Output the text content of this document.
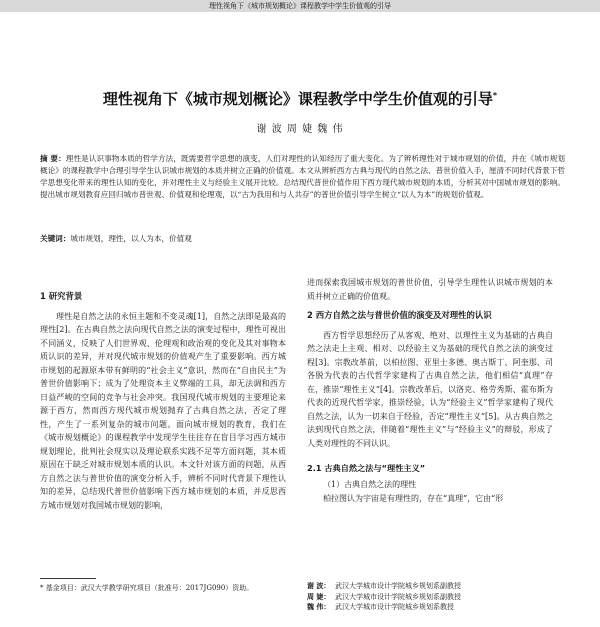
理性视角下《城市规划概论》课程教学中学生价值观的引导
理性视角下《城市规划概论》课程教学中学生价值观的引导*
谢 波 周 婕 魏 伟
摘 要：理性是认识事物本质的哲学方法，既需要哲学思想的演变，人们对理性的认知经历了重大变化。为了辨析理性对于城市规划的价值，并在《城市规划概论》的课程教学中合理引导学生认识城市规划的本质并树立正确的价值观。本文从辨析西方古典与现代的自然之法、普世价值入手，厘清不同时代背景下哲学思想变化带来的理性认知的变化，并对理性主义与经验主义展开比较。总结现代普世价值作用下西方现代城市规划的本质，分析其对中国城市规划的影响。提出城市规划教育应回归城市普世观、价值观和伦理观，以“古为我用和与人共存”的普世价值引导学生树立“以人为本”的规划价值观。
关键词：城市规划，理性，以人为本，价值观
1 研究背景

理性是自然之法的永恒主题和不变灵魂[1]，自然之法即是最高的理性[2]。在古典自然之法向现代自然之法的演变过程中，理性可视出不同涵义，反映了人们世界观、伦理观和政治观的变化及其对事物本质认识的差异，并对现代城市规划的价值观产生了重要影响。西方城市规划的起源原本带有鲜明的“社会主义”意识，然而在“自由民主”为普世价值影响下；成为了处理资本主义弊端的工具，却无法调和西方日益严峻的空间的竞争与社会冲突。我国现代城市规划的主要理论来源于西方，然而西方现代城市规划抛弃了古典自然之法，否定了理性，产生了一系列复杂的城市问题。面向城市规划的教育，我们在《城市规划概论》的课程教学中发现学生往往存在盲目学习西方城市规划理论，批判社会现实以及理论联系实践不足等方面问题，其本质原因在于缺乏对城市规划本质的认识。本文针对该方面的问题，从西方自然之法与普世价值的演变分析入手，辨析不同时代背景下理性认知的差异，总结现代普世价值影响下西方城市规划的本质，并反思西方城市规划对我国城市规划的影响，

进而探索我国城市规划的普世价值，引导学生理性认识城市规划的本质并树立正确的价值观。

2 西方自然之法与普世价值的演变及对理性的认识

西方哲学思想经历了从客观、绝对、以理性主义为基础的古典自然之法走上主观、相对、以经验主义为基础的现代自然之法的演变过程[3]。宗教改革前，以柏拉图、亚里士多德、奥古斯丁、阿奎那、司各脱为代表的古代哲学家建构了古典自然之法，他们相信“真理”存在，推崇“理性主义”[4]。宗教改革后，以洛克、格劳秀斯、霍布斯为代表的近现代哲学家，推崇经验，认为“经验主义”哲学家建构了现代自然之法，认为一切来自于经验，否定“理性主义”[5]。从古典自然之法到现代自然之法，伴随着“理性主义”与“经验主义”的辩驳，形成了人类对理性的不同认识。

2.1 古典自然之法与“理性主义”
（1）古典自然之法的理性

柏拉图认为宇宙是有理性的，存在“真理”，它由“形

* 基金项目：武汉大学教学研究项目（批准号：2017JG090）资助。	谢 波： 武汉大学城市设计学院城乡规划系副教授
周 婕： 武汉大学城市设计学院城乡规划系副教授
魏 伟： 武汉大学城市设计学院城乡规划系教授
